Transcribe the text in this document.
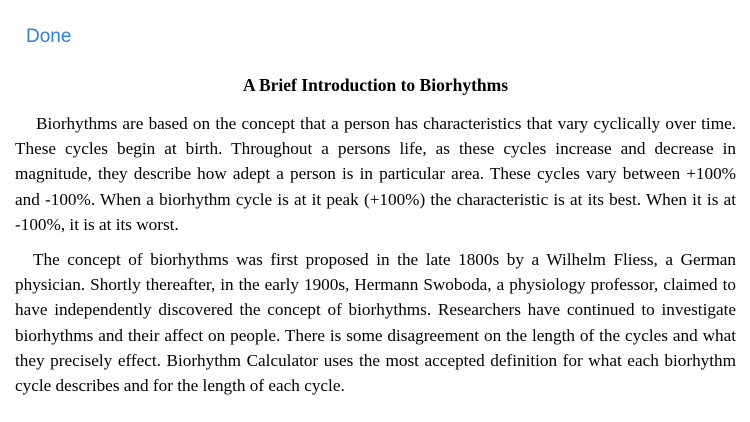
Done
A Brief Introduction to Biorhythms

Biorhythms are based on the concept that a person has characteristics that vary cyclically over time. These cycles begin at birth. Throughout a persons life, as these cycles increase and decrease in magnitude, they describe how adept a person is in particular area. These cycles vary between +100% and -100%. When a biorhythm cycle is at it peak (+100%) the characteristic is at its best. When it is at -100%, it is at its worst.

The concept of biorhythms was first proposed in the late 1800s by a Wilhelm Fliess, a German physician. Shortly thereafter, in the early 1900s, Hermann Swoboda, a physiology professor, claimed to have independently discovered the concept of biorhythms. Researchers have continued to investigate biorhythms and their affect on people. There is some disagreement on the length of the cycles and what they precisely effect. Biorhythm Calculator uses the most accepted definition for what each biorhythm cycle describes and for the length of each cycle.
